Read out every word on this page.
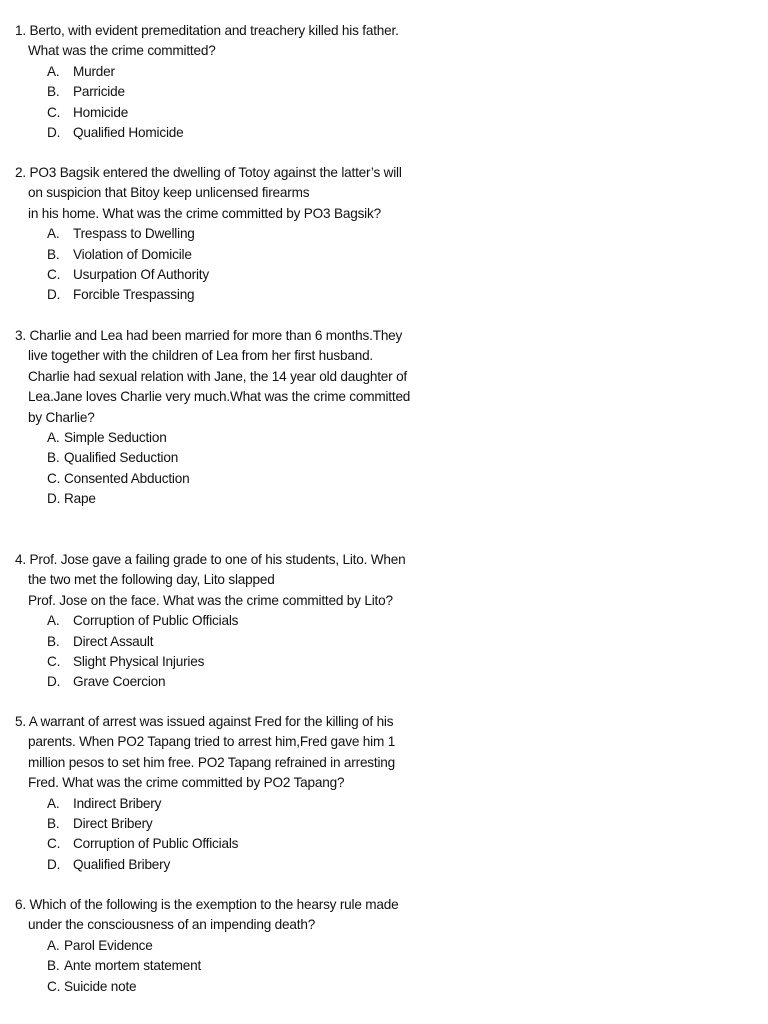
1. Berto, with evident premeditation and treachery killed his father.
What was the crime committed?
A. Murder
B. Parricide
C. Homicide
D. Qualified Homicide
2. PO3 Bagsik entered the dwelling of Totoy against the latter’s will
on suspicion that Bitoy keep unlicensed firearms
in his home. What was the crime committed by PO3 Bagsik?
A. Trespass to Dwelling
B. Violation of Domicile
C. Usurpation Of Authority
D. Forcible Trespassing
3. Charlie and Lea had been married for more than 6 months.They
live together with the children of Lea from her first husband.
Charlie had sexual relation with Jane, the 14 year old daughter of
Lea.Jane loves Charlie very much.What was the crime committed
by Charlie?
A. Simple Seduction
B. Qualified Seduction
C. Consented Abduction
D. Rape
4. Prof. Jose gave a failing grade to one of his students, Lito. When
the two met the following day, Lito slapped
Prof. Jose on the face. What was the crime committed by Lito?
A. Corruption of Public Officials
B. Direct Assault
C. Slight Physical Injuries
D. Grave Coercion
5. A warrant of arrest was issued against Fred for the killing of his
parents. When PO2 Tapang tried to arrest him,Fred gave him 1
million pesos to set him free. PO2 Tapang refrained in arresting
Fred. What was the crime committed by PO2 Tapang?
A. Indirect Bribery
B. Direct Bribery
C. Corruption of Public Officials
D. Qualified Bribery
6. Which of the following is the exemption to the hearsy rule made
under the consciousness of an impending death?
A. Parol Evidence
B. Ante mortem statement
C. Suicide note
